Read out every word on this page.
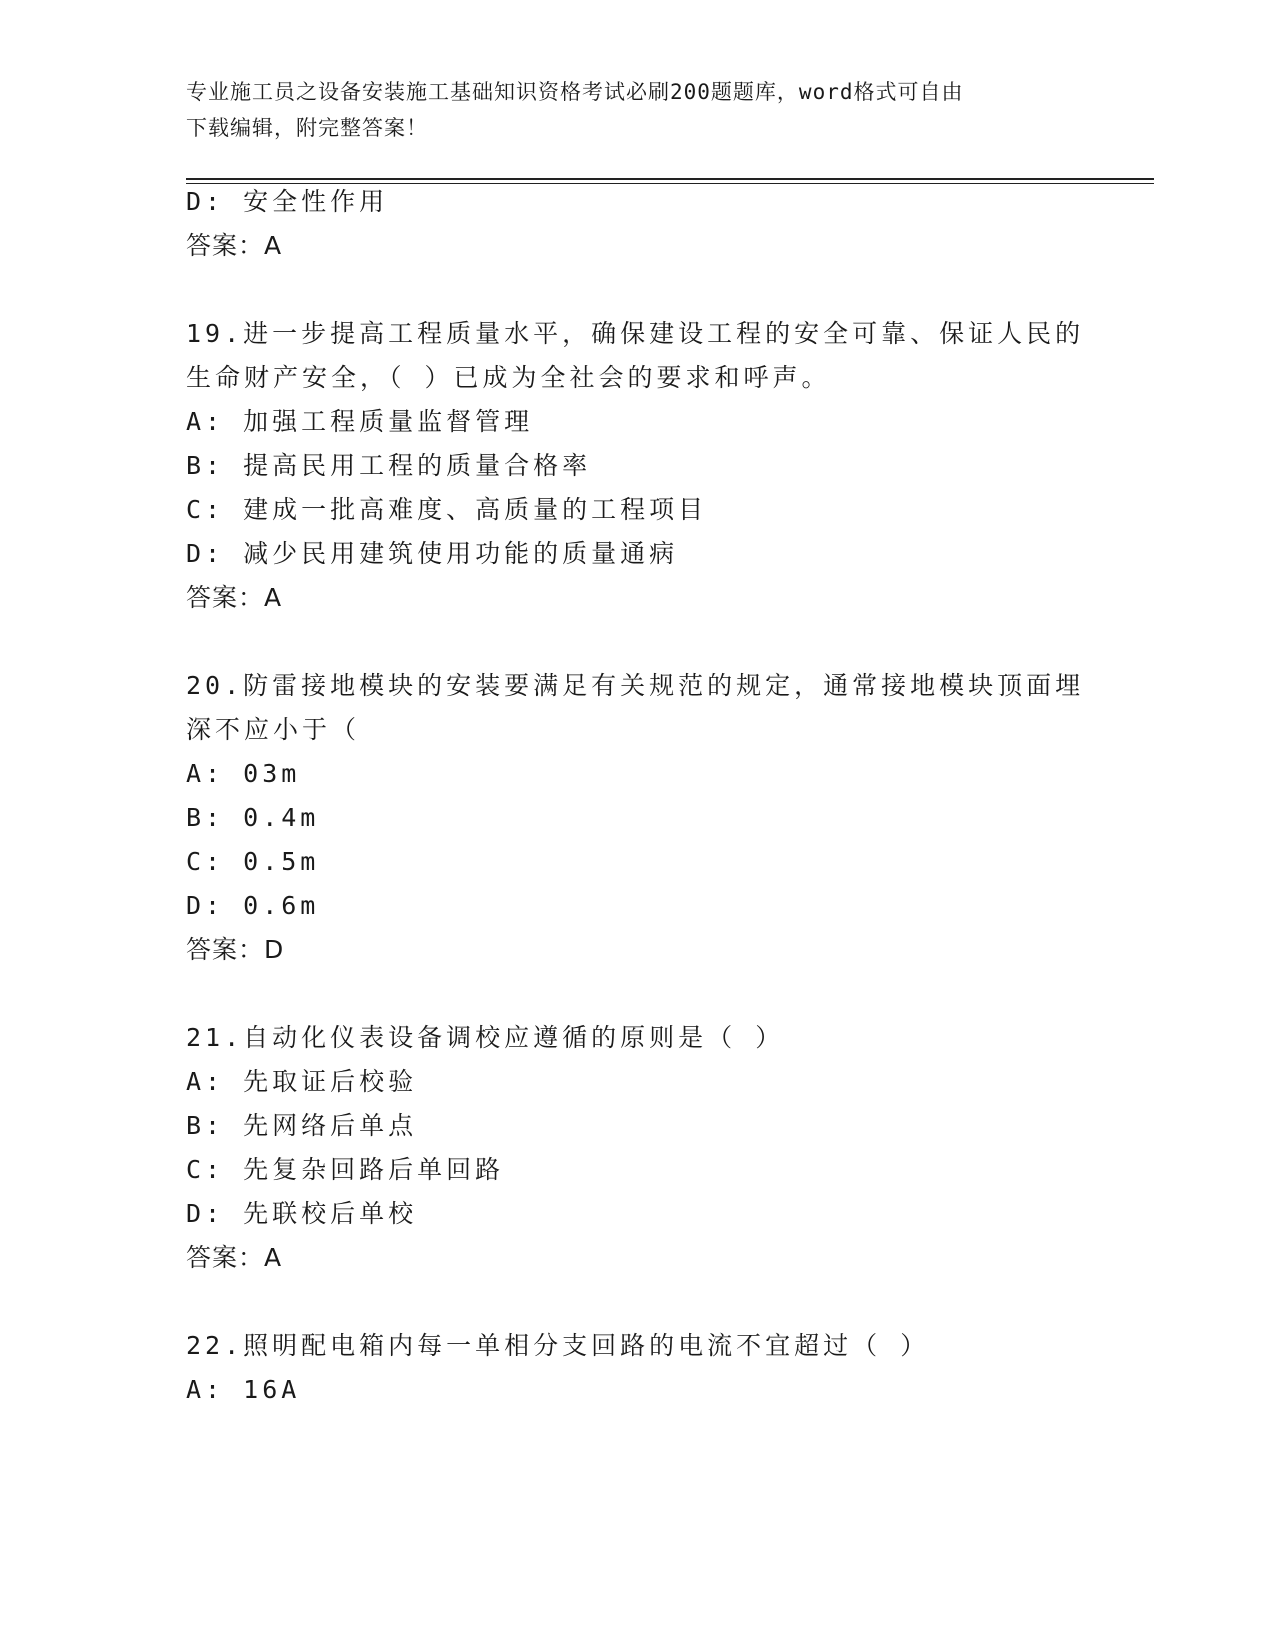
专业施工员之设备安装施工基础知识资格考试必刷200题题库，word格式可自由
下载编辑，附完整答案！
D: 安全性作用
答案：A
19.进一步提高工程质量水平，确保建设工程的安全可靠、保证人民的
生命财产安全，（ ）已成为全社会的要求和呼声。
A: 加强工程质量监督管理
B: 提高民用工程的质量合格率
C: 建成一批高难度、高质量的工程项目
D: 减少民用建筑使用功能的质量通病
答案：A
20.防雷接地模块的安装要满足有关规范的规定，通常接地模块顶面埋
深不应小于（
A: 03m
B: 0.4m
C: 0.5m
D: 0.6m
答案：D
21.自动化仪表设备调校应遵循的原则是（ ）
A: 先取证后校验
B: 先网络后单点
C: 先复杂回路后单回路
D: 先联校后单校
答案：A
22.照明配电箱内每一单相分支回路的电流不宜超过（ ）
A: 16A
